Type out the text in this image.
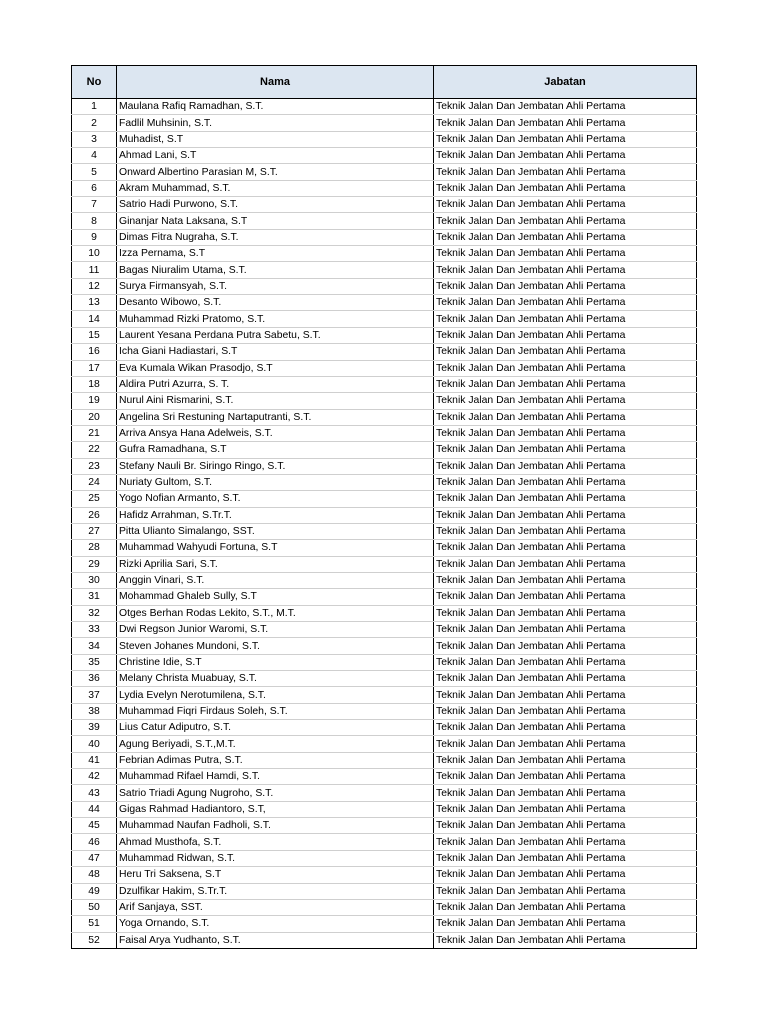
No	Nama	Jabatan
1	Maulana Rafiq Ramadhan, S.T.	Teknik Jalan Dan Jembatan Ahli Pertama
2	Fadlil Muhsinin, S.T.	Teknik Jalan Dan Jembatan Ahli Pertama
3	Muhadist, S.T	Teknik Jalan Dan Jembatan Ahli Pertama
4	Ahmad Lani, S.T	Teknik Jalan Dan Jembatan Ahli Pertama
5	Onward Albertino Parasian M, S.T.	Teknik Jalan Dan Jembatan Ahli Pertama
6	Akram Muhammad, S.T.	Teknik Jalan Dan Jembatan Ahli Pertama
7	Satrio Hadi Purwono, S.T.	Teknik Jalan Dan Jembatan Ahli Pertama
8	Ginanjar Nata Laksana, S.T	Teknik Jalan Dan Jembatan Ahli Pertama
9	Dimas Fitra Nugraha, S.T.	Teknik Jalan Dan Jembatan Ahli Pertama
10	Izza Pernama, S.T	Teknik Jalan Dan Jembatan Ahli Pertama
11	Bagas Niuralim Utama, S.T.	Teknik Jalan Dan Jembatan Ahli Pertama
12	Surya Firmansyah, S.T.	Teknik Jalan Dan Jembatan Ahli Pertama
13	Desanto Wibowo, S.T.	Teknik Jalan Dan Jembatan Ahli Pertama
14	Muhammad Rizki Pratomo, S.T.	Teknik Jalan Dan Jembatan Ahli Pertama
15	Laurent Yesana Perdana Putra Sabetu, S.T.	Teknik Jalan Dan Jembatan Ahli Pertama
16	Icha Giani Hadiastari, S.T	Teknik Jalan Dan Jembatan Ahli Pertama
17	Eva Kumala Wikan Prasodjo, S.T	Teknik Jalan Dan Jembatan Ahli Pertama
18	Aldira Putri Azurra, S. T.	Teknik Jalan Dan Jembatan Ahli Pertama
19	Nurul Aini Rismarini, S.T.	Teknik Jalan Dan Jembatan Ahli Pertama
20	Angelina Sri Restuning Nartaputranti, S.T.	Teknik Jalan Dan Jembatan Ahli Pertama
21	Arriva Ansya Hana Adelweis, S.T.	Teknik Jalan Dan Jembatan Ahli Pertama
22	Gufra Ramadhana, S.T	Teknik Jalan Dan Jembatan Ahli Pertama
23	Stefany Nauli Br. Siringo Ringo, S.T.	Teknik Jalan Dan Jembatan Ahli Pertama
24	Nuriaty Gultom, S.T.	Teknik Jalan Dan Jembatan Ahli Pertama
25	Yogo Nofian Armanto, S.T.	Teknik Jalan Dan Jembatan Ahli Pertama
26	Hafidz Arrahman, S.Tr.T.	Teknik Jalan Dan Jembatan Ahli Pertama
27	Pitta Ulianto Simalango, SST.	Teknik Jalan Dan Jembatan Ahli Pertama
28	Muhammad Wahyudi Fortuna, S.T	Teknik Jalan Dan Jembatan Ahli Pertama
29	Rizki Aprilia Sari, S.T.	Teknik Jalan Dan Jembatan Ahli Pertama
30	Anggin Vinari, S.T.	Teknik Jalan Dan Jembatan Ahli Pertama
31	Mohammad Ghaleb Sully, S.T	Teknik Jalan Dan Jembatan Ahli Pertama
32	Otges Berhan Rodas Lekito, S.T., M.T.	Teknik Jalan Dan Jembatan Ahli Pertama
33	Dwi Regson Junior Waromi, S.T.	Teknik Jalan Dan Jembatan Ahli Pertama
34	Steven Johanes Mundoni, S.T.	Teknik Jalan Dan Jembatan Ahli Pertama
35	Christine Idie, S.T	Teknik Jalan Dan Jembatan Ahli Pertama
36	Melany Christa Muabuay, S.T.	Teknik Jalan Dan Jembatan Ahli Pertama
37	Lydia Evelyn Nerotumilena, S.T.	Teknik Jalan Dan Jembatan Ahli Pertama
38	Muhammad Fiqri Firdaus Soleh, S.T.	Teknik Jalan Dan Jembatan Ahli Pertama
39	Lius Catur Adiputro, S.T.	Teknik Jalan Dan Jembatan Ahli Pertama
40	Agung Beriyadi, S.T.,M.T.	Teknik Jalan Dan Jembatan Ahli Pertama
41	Febrian Adimas Putra, S.T.	Teknik Jalan Dan Jembatan Ahli Pertama
42	Muhammad Rifael Hamdi, S.T.	Teknik Jalan Dan Jembatan Ahli Pertama
43	Satrio Triadi Agung Nugroho, S.T.	Teknik Jalan Dan Jembatan Ahli Pertama
44	Gigas Rahmad Hadiantoro, S.T,	Teknik Jalan Dan Jembatan Ahli Pertama
45	Muhammad Naufan Fadholi, S.T.	Teknik Jalan Dan Jembatan Ahli Pertama
46	Ahmad Musthofa, S.T.	Teknik Jalan Dan Jembatan Ahli Pertama
47	Muhammad Ridwan, S.T.	Teknik Jalan Dan Jembatan Ahli Pertama
48	Heru Tri Saksena, S.T	Teknik Jalan Dan Jembatan Ahli Pertama
49	Dzulfikar Hakim, S.Tr.T.	Teknik Jalan Dan Jembatan Ahli Pertama
50	Arif Sanjaya, SST.	Teknik Jalan Dan Jembatan Ahli Pertama
51	Yoga Ornando, S.T.	Teknik Jalan Dan Jembatan Ahli Pertama
52	Faisal Arya Yudhanto, S.T.	Teknik Jalan Dan Jembatan Ahli Pertama
